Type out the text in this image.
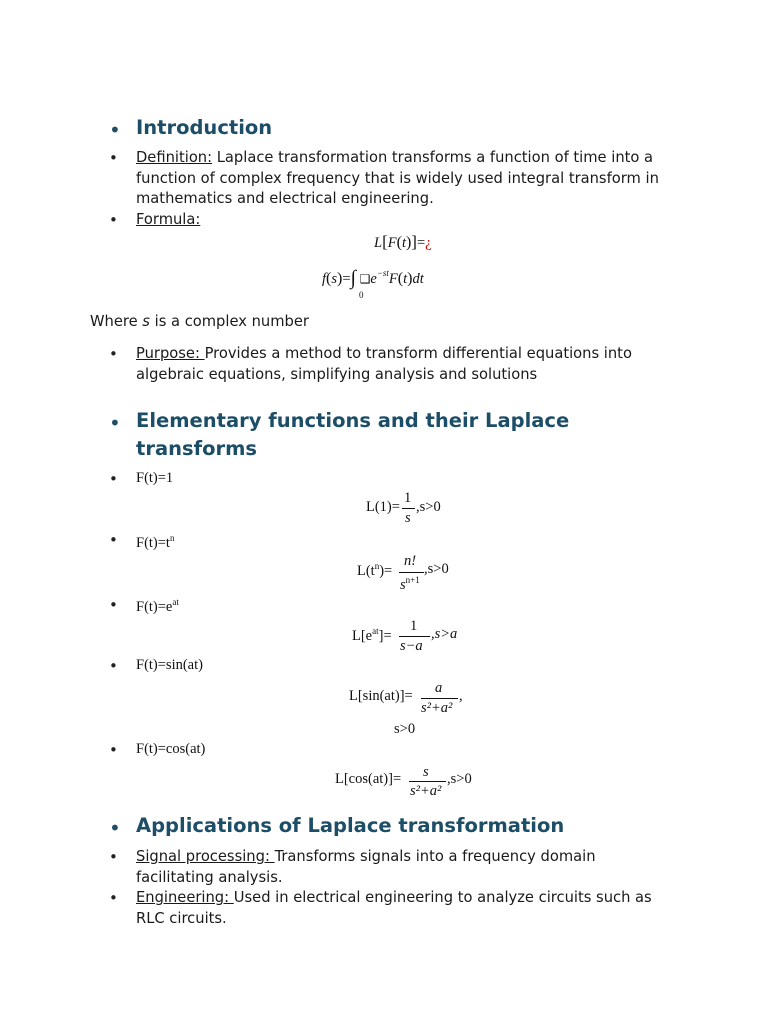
• Introduction
• Definition: Laplace transformation transforms a function of time into a function of complex frequency that is widely used integral transform in mathematics and electrical engineering.
• Formula:
L[F(t)]=¿
f(s)=∫ $❑e^{-st}F(t)dt$
0
Where s is a complex number
• Purpose: Provides a method to transform differential equations into algebraic equations, simplifying analysis and solutions
• Elementary functions and their Laplace transforms
• F(t)=1
L(1)=
1
s
,s>0
• $F(t)=t^n$
$L(t^n)=$
n!
$s^{n+1}$
,s>0
• $F(t)=e^{at}$
$L[e^{at}]=$
1
s−a
,s>a
• F(t)=sin(at)
L[sin(at)]= a
s²+a²
,
s>0
• F(t)=cos(at)
L[cos(at)]= s
s²+a²
,s>0
• Applications of Laplace transformation
• Signal processing: Transforms signals into a frequency domain facilitating analysis.
• Engineering: Used in electrical engineering to analyze circuits such as RLC circuits.
